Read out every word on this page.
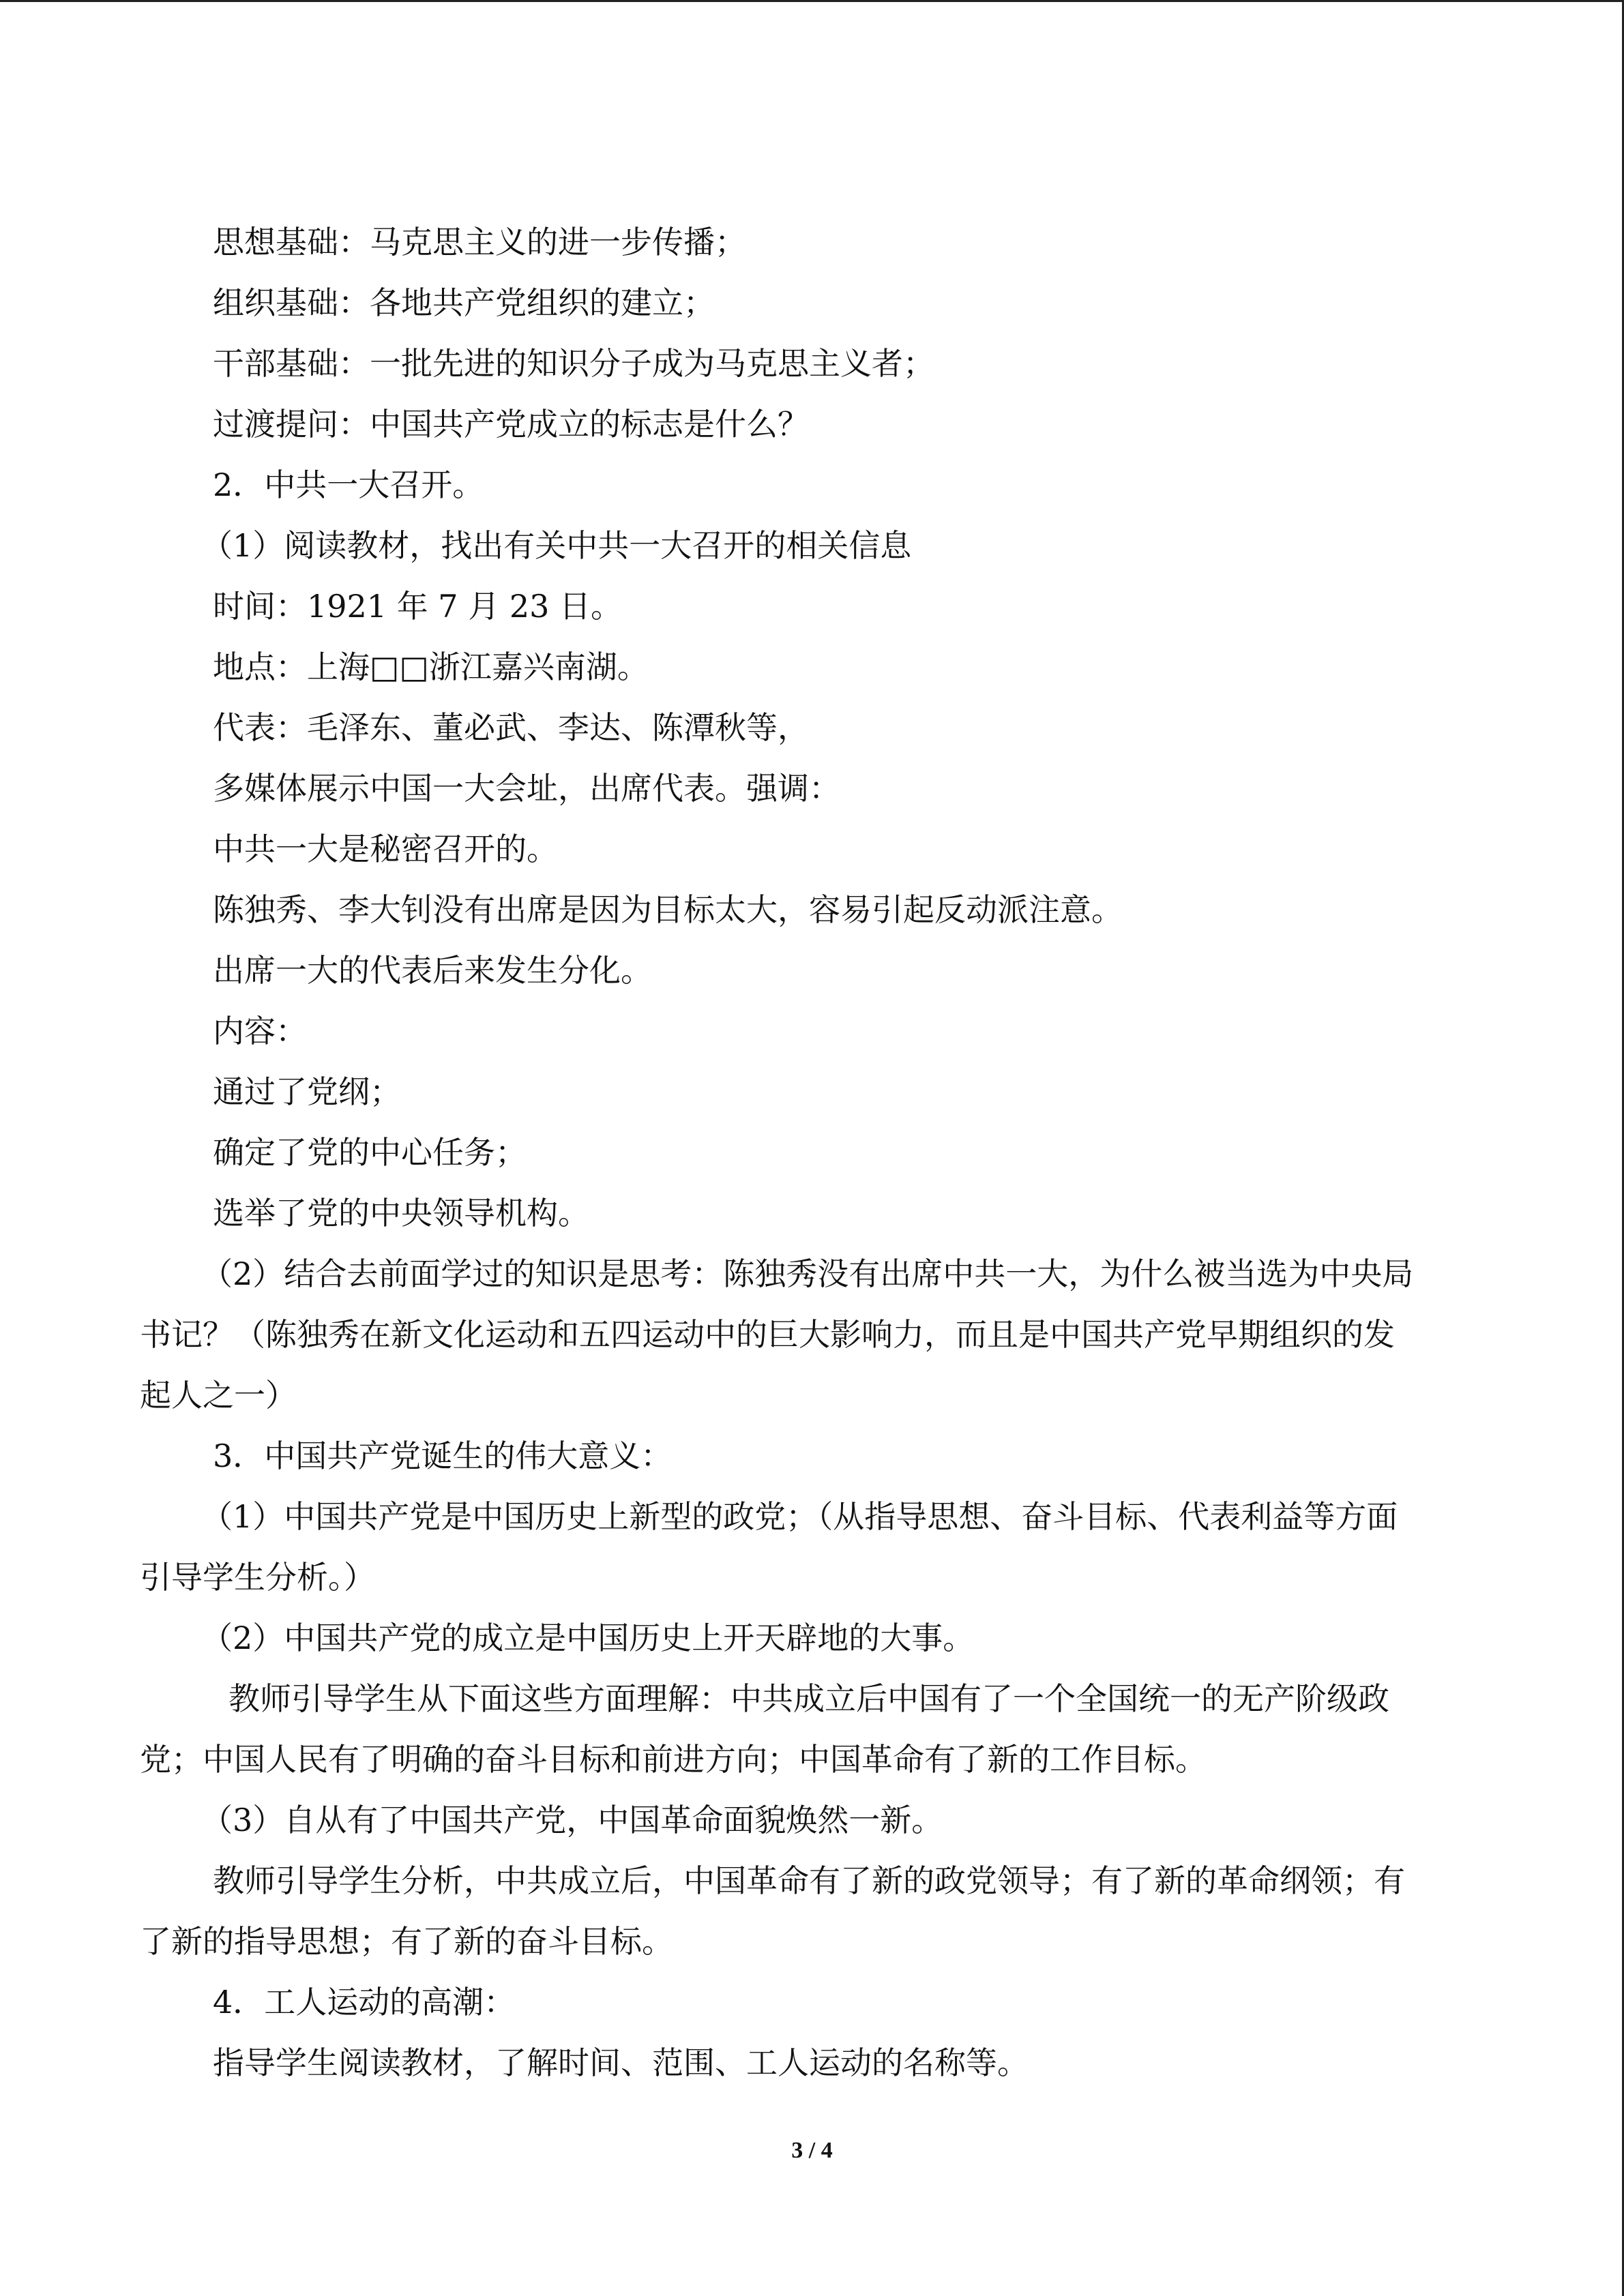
思想基础：马克思主义的进一步传播；

组织基础：各地共产党组织的建立；

干部基础：一批先进的知识分子成为马克思主义者；

过渡提问：中国共产党成立的标志是什么？

2．中共一大召开。

（1）阅读教材，找出有关中共一大召开的相关信息

时间：1921 年 7 月 23 日。

地点：上海□□浙江嘉兴南湖。

代表：毛泽东、董必武、李达、陈潭秋等，

多媒体展示中国一大会址，出席代表。强调：

中共一大是秘密召开的。

陈独秀、李大钊没有出席是因为目标太大，容易引起反动派注意。

出席一大的代表后来发生分化。

内容：

通过了党纲；

确定了党的中心任务；

选举了党的中央领导机构。

（2）结合去前面学过的知识是思考：陈独秀没有出席中共一大，为什么被当选为中央局

书记？（陈独秀在新文化运动和五四运动中的巨大影响力，而且是中国共产党早期组织的发

起人之一）

3．中国共产党诞生的伟大意义：

（1）中国共产党是中国历史上新型的政党；（从指导思想、奋斗目标、代表利益等方面

引导学生分析。）

（2）中国共产党的成立是中国历史上开天辟地的大事。

教师引导学生从下面这些方面理解：中共成立后中国有了一个全国统一的无产阶级政

党；中国人民有了明确的奋斗目标和前进方向；中国革命有了新的工作目标。

（3）自从有了中国共产党，中国革命面貌焕然一新。

教师引导学生分析，中共成立后，中国革命有了新的政党领导；有了新的革命纲领；有

了新的指导思想；有了新的奋斗目标。

4．工人运动的高潮：

指导学生阅读教材，了解时间、范围、工人运动的名称等。

3 / 4
